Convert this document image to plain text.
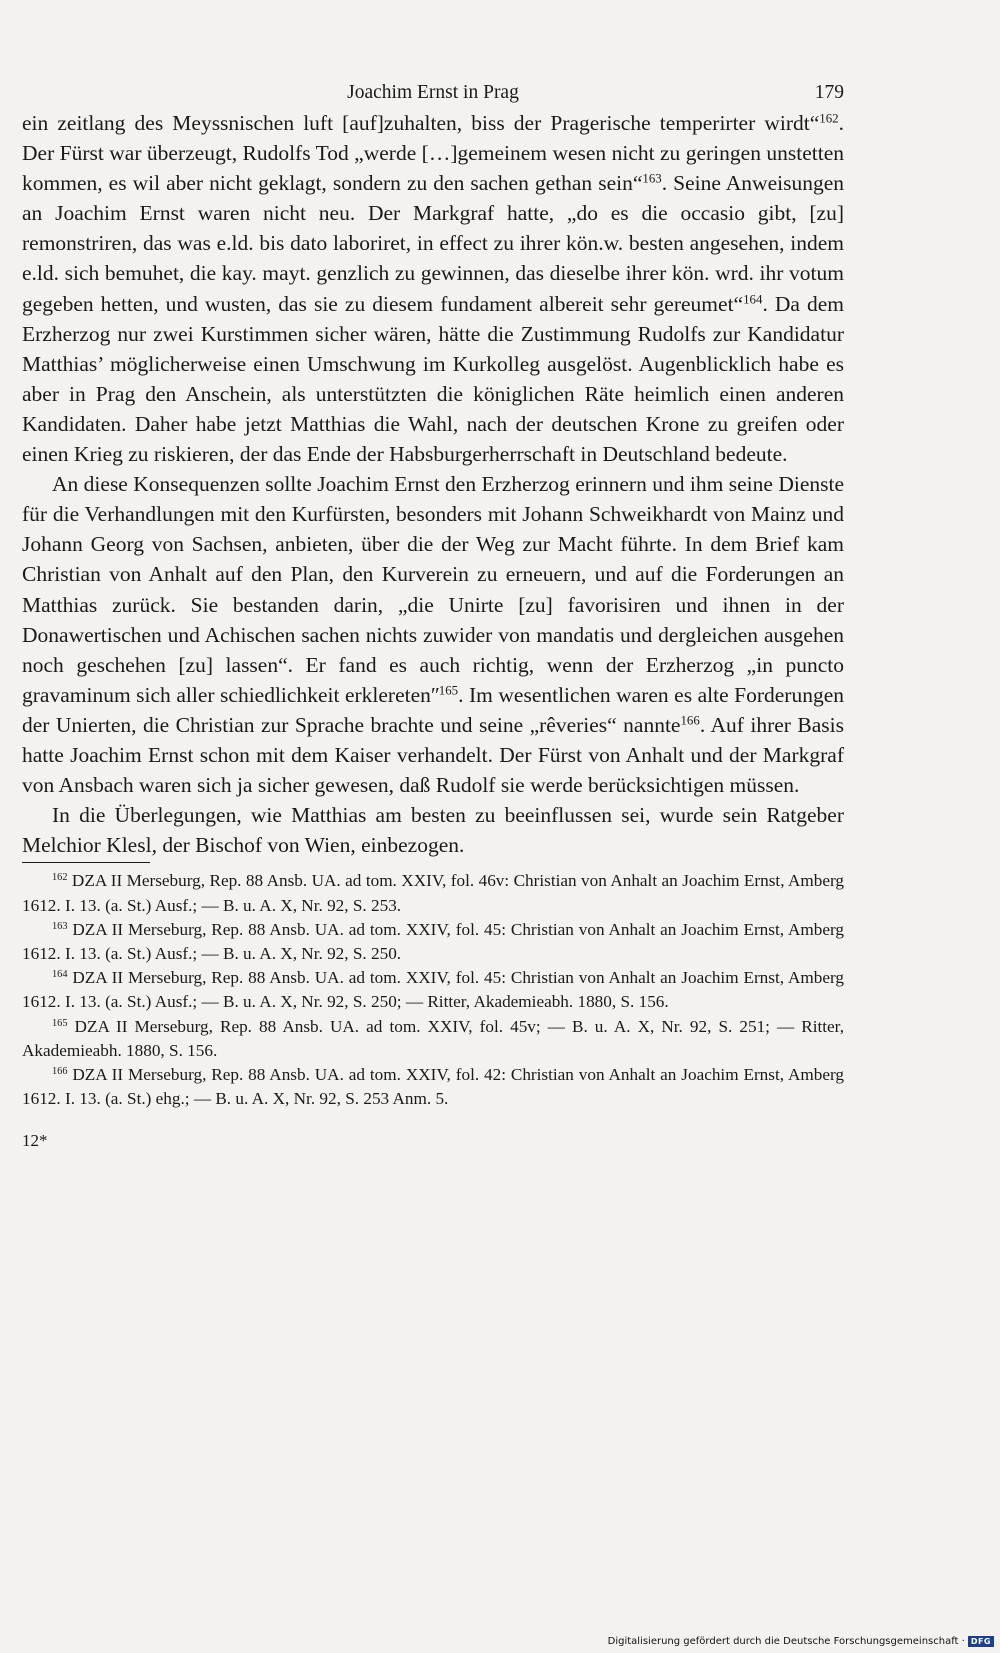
Joachim Ernst in Prag	179

ein zeitlang des Meyssnischen luft [auf]zuhalten, biss der Pragerische temperirter wirdt“$^{162}$. Der Fürst war überzeugt, Rudolfs Tod „werde […]gemeinem wesen nicht zu geringen unstetten kommen, es wil aber nicht geklagt, sondern zu den sachen gethan sein“$^{163}$. Seine Anweisungen an Joachim Ernst waren nicht neu. Der Markgraf hatte, „do es die occasio gibt, [zu] remonstriren, das was e.ld. bis dato laboriret, in effect zu ihrer kön.w. besten angesehen, indem e.ld. sich bemuhet, die kay. mayt. genzlich zu gewinnen, das dieselbe ihrer kön. wrd. ihr votum gegeben hetten, und wusten, das sie zu diesem fundament albereit sehr gereumet“$^{164}$. Da dem Erzherzog nur zwei Kurstimmen sicher wären, hätte die Zustimmung Rudolfs zur Kandidatur Matthias’ möglicherweise einen Umschwung im Kurkolleg ausgelöst. Augenblicklich habe es aber in Prag den Anschein, als unterstützten die königlichen Räte heimlich einen anderen Kandidaten. Daher habe jetzt Matthias die Wahl, nach der deutschen Krone zu greifen oder einen Krieg zu riskieren, der das Ende der Habsburgerherrschaft in Deutschland bedeute.

An diese Konsequenzen sollte Joachim Ernst den Erzherzog erinnern und ihm seine Dienste für die Verhandlungen mit den Kurfürsten, besonders mit Johann Schweikhardt von Mainz und Johann Georg von Sachsen, anbieten, über die der Weg zur Macht führte. In dem Brief kam Christian von Anhalt auf den Plan, den Kurverein zu erneuern, und auf die Forderungen an Matthias zurück. Sie bestanden darin, „die Unirte [zu] favorisiren und ihnen in der Donawertischen und Achischen sachen nichts zuwider von mandatis und dergleichen ausgehen noch geschehen [zu] lassen“. Er fand es auch richtig, wenn der Erzherzog „in puncto gravaminum sich aller schiedlichkeit erkleretenʺ$^{165}$. Im wesentlichen waren es alte Forderungen der Unierten, die Christian zur Sprache brachte und seine „rêveries“ nannte$^{166}$. Auf ihrer Basis hatte Joachim Ernst schon mit dem Kaiser verhandelt. Der Fürst von Anhalt und der Markgraf von Ansbach waren sich ja sicher gewesen, daß Rudolf sie werde berücksichtigen müssen.

In die Überlegungen, wie Matthias am besten zu beeinflussen sei, wurde sein Ratgeber Melchior Klesl, der Bischof von Wien, einbezogen.

$^{162}$ DZA II Merseburg, Rep. 88 Ansb. UA. ad tom. XXIV, fol. 46v: Christian von Anhalt an Joachim Ernst, Amberg 1612. I. 13. (a. St.) Ausf.; — B. u. A. X, Nr. 92, S. 253.

$^{163}$ DZA II Merseburg, Rep. 88 Ansb. UA. ad tom. XXIV, fol. 45: Christian von Anhalt an Joachim Ernst, Amberg 1612. I. 13. (a. St.) Ausf.; — B. u. A. X, Nr. 92, S. 250.

$^{164}$ DZA II Merseburg, Rep. 88 Ansb. UA. ad tom. XXIV, fol. 45: Christian von Anhalt an Joachim Ernst, Amberg 1612. I. 13. (a. St.) Ausf.; — B. u. A. X, Nr. 92, S. 250; — Ritter, Akademieabh. 1880, S. 156.

$^{165}$ DZA II Merseburg, Rep. 88 Ansb. UA. ad tom. XXIV, fol. 45v; — B. u. A. X, Nr. 92, S. 251; — Ritter, Akademieabh. 1880, S. 156.

$^{166}$ DZA II Merseburg, Rep. 88 Ansb. UA. ad tom. XXIV, fol. 42: Christian von Anhalt an Joachim Ernst, Amberg 1612. I. 13. (a. St.) ehg.; — B. u. A. X, Nr. 92, S. 253 Anm. 5.

12*
Digitalisierung gefördert durch die Deutsche Forschungsgemeinschaft · DFG
